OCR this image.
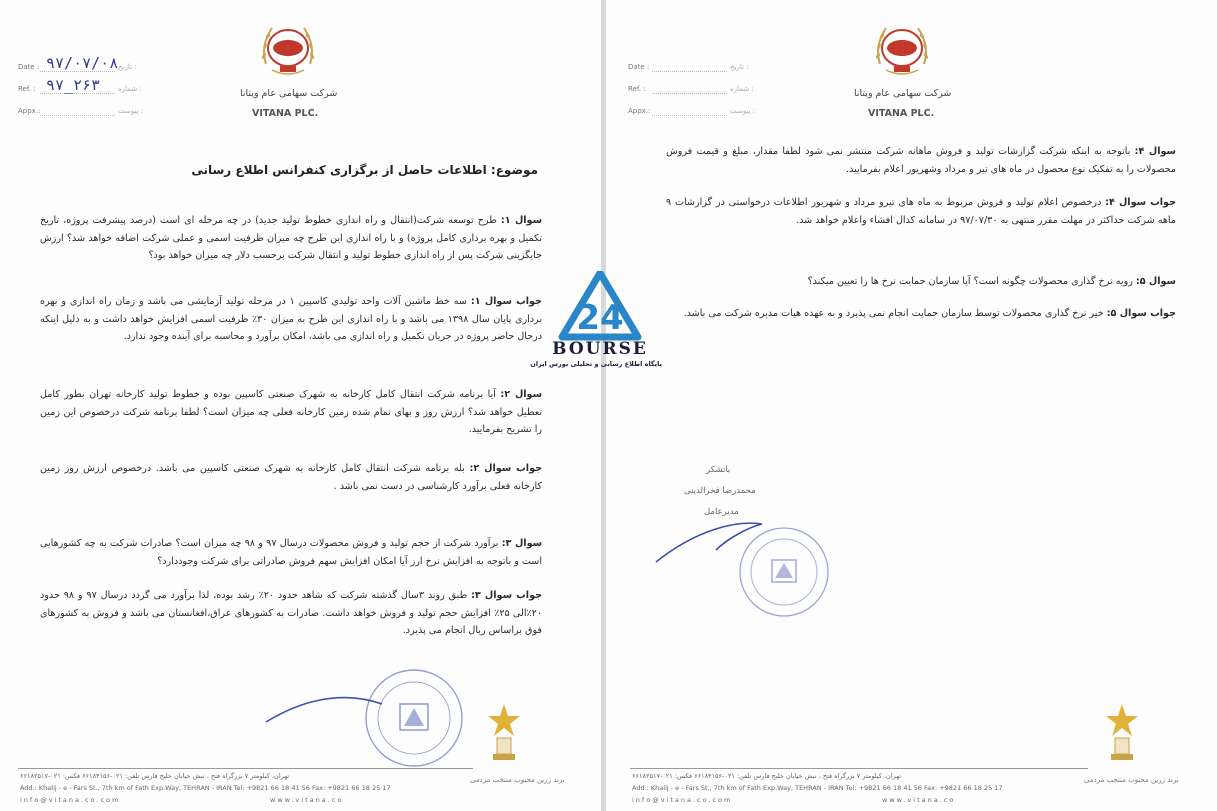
شرکت سهامی عام ویتانا
VITANA PLC.
Date :	تاریخ :
۹۷/۰۷/۰۸
Ref. :	شماره :
۹۷_۲۶۳
Appx.:	پیوست :
موضوع: اطلاعات حاصل از برگزاری کنفرانس اطلاع رسانی

سوال ۱: طرح توسعه شرکت(انتقال و راه اندازی خطوط تولید جدید) در چه مرحله ای است (درصد پیشرفت پروژه، تاریخ تکمیل و بهره برداری کامل پروژه) و با راه اندازی این طرح چه میزان ظرفیت اسمی و عملی شرکت اضافه خواهد شد؟ ارزش جایگزینی شرکت پس از راه اندازی خطوط تولید و انتقال شرکت برحسب دلار چه میزان خواهد بود؟

جواب سوال ۱: سه خط ماشین آلات واحد تولیدی کاسپین ۱ در مرحله تولید آزمایشی می باشد و زمان راه اندازی و بهره برداری پایان سال ۱۳۹۸ می باشد و با راه اندازی این طرح به میزان ۳۰٪ ظرفیت اسمی افزایش خواهد داشت و به دلیل اینکه درحال حاضر پروژه در جریان تکمیل و راه اندازی می باشد، امکان برآورد و محاسبه برای آینده وجود ندارد.

سوال ۲: آیا برنامه شرکت انتقال کامل کارخانه به شهرک صنعتی کاسپین بوده و خطوط تولید کارخانه تهران بطور کامل تعطیل خواهد شد؟ ارزش روز و بهای تمام شده زمین کارخانه فعلی چه میزان است؟ لطفا برنامه شرکت درخصوص این زمین را تشریح بفرمایید.

جواب سوال ۲: بله برنامه شرکت انتقال کامل کارخانه به شهرک صنعتی کاسپین می باشد. درخصوص ارزش روز زمین کارخانه فعلی برآورد کارشناسی در دست نمی باشد .

سوال ۳: برآورد شرکت از حجم تولید و فروش محصولات درسال ۹۷ و ۹۸ چه میزان است؟ صادرات شرکت به چه کشورهایی است و باتوجه به افزایش نرخ ارز آیا امکان افزایش سهم فروش صادراتی برای شرکت وجوددارد؟

جواب سوال ۳: طبق روند ۳سال گذشته شرکت که شاهد حدود ۲۰٪ رشد بوده، لذا برآورد می گردد درسال ۹۷ و ۹۸ حدود ۲۰٪الی ۲۵٪ افزایش حجم تولید و فروش خواهد داشت. صادرات به کشورهای عراق،افغانستان می باشد و فروش به کشورهای فوق براساس ریال انجام می پذیرد.

برند زرین محبوب منتخب مردمی
تهران، کیلومتر ۷ بزرگراه فتح ، نبش خیابان خلیج فارس تلفن: ۰۲۱-۶۶۱۸۴۱۵۶ فکس: ۰۲۱-۶۶۱۸۲۵۱۷
Add.: Khalij - e - Fars St., 7th km of Fath Exp.Way, TEHRAN - IRAN Tel: +9821 66 18 41 56 Fax: +9821 66 18 25 17
info@vitana.co.com	www.vitana.co
شرکت سهامی عام ویتانا
VITANA PLC.
Date :	تاریخ :
Ref. :	شماره :
Appx.:	پیوست :

سوال ۴: باتوجه به اینکه شرکت گزارشات تولید و فروش ماهانه شرکت منتشر نمی شود لطفا مقدار، مبلغ و قیمت فروش محصولات را به تفکیک نوع محصول در ماه های تیر و مرداد وشهریور اعلام بفرمایید.

جواب سوال ۴: درخصوص اعلام تولید و فروش مربوط به ماه های تیرو مرداد و شهریور اطلاعات درخواستی در گزارشات ۹ ماهه شرکت حداکثر در مهلت مقرر منتهی به ۹۷/۰۷/۳۰ در سامانه کدال افشاء واعلام خواهد شد.

سوال ۵: رویه نرخ گذاری محصولات چگونه است؟ آیا سازمان حمایت نرخ ها را تعیین میکند؟

جواب سوال ۵: خیر نرخ گذاری محصولات توسط سازمان حمایت انجام نمی پذیرد و به عهده هیات مدیره شرکت می باشد.

باتشکر
محمدرضا فخرالدینی
مدیرعامل
برند زرین محبوب منتخب مردمی
تهران، کیلومتر ۷ بزرگراه فتح ، نبش خیابان خلیج فارس تلفن: ۰۲۱-۶۶۱۸۴۱۵۶ فکس: ۰۲۱-۶۶۱۸۲۵۱۷
Add.: Khalij - e - Fars St., 7th km of Fath Exp.Way, TEHRAN - IRAN Tel: +9821 66 18 41 56 Fax: +9821 66 18 25 17
info@vitana.co.com	www.vitana.co
24
BOURSE
پایگاه اطلاع رسانی و تحلیلی بورس ایران
